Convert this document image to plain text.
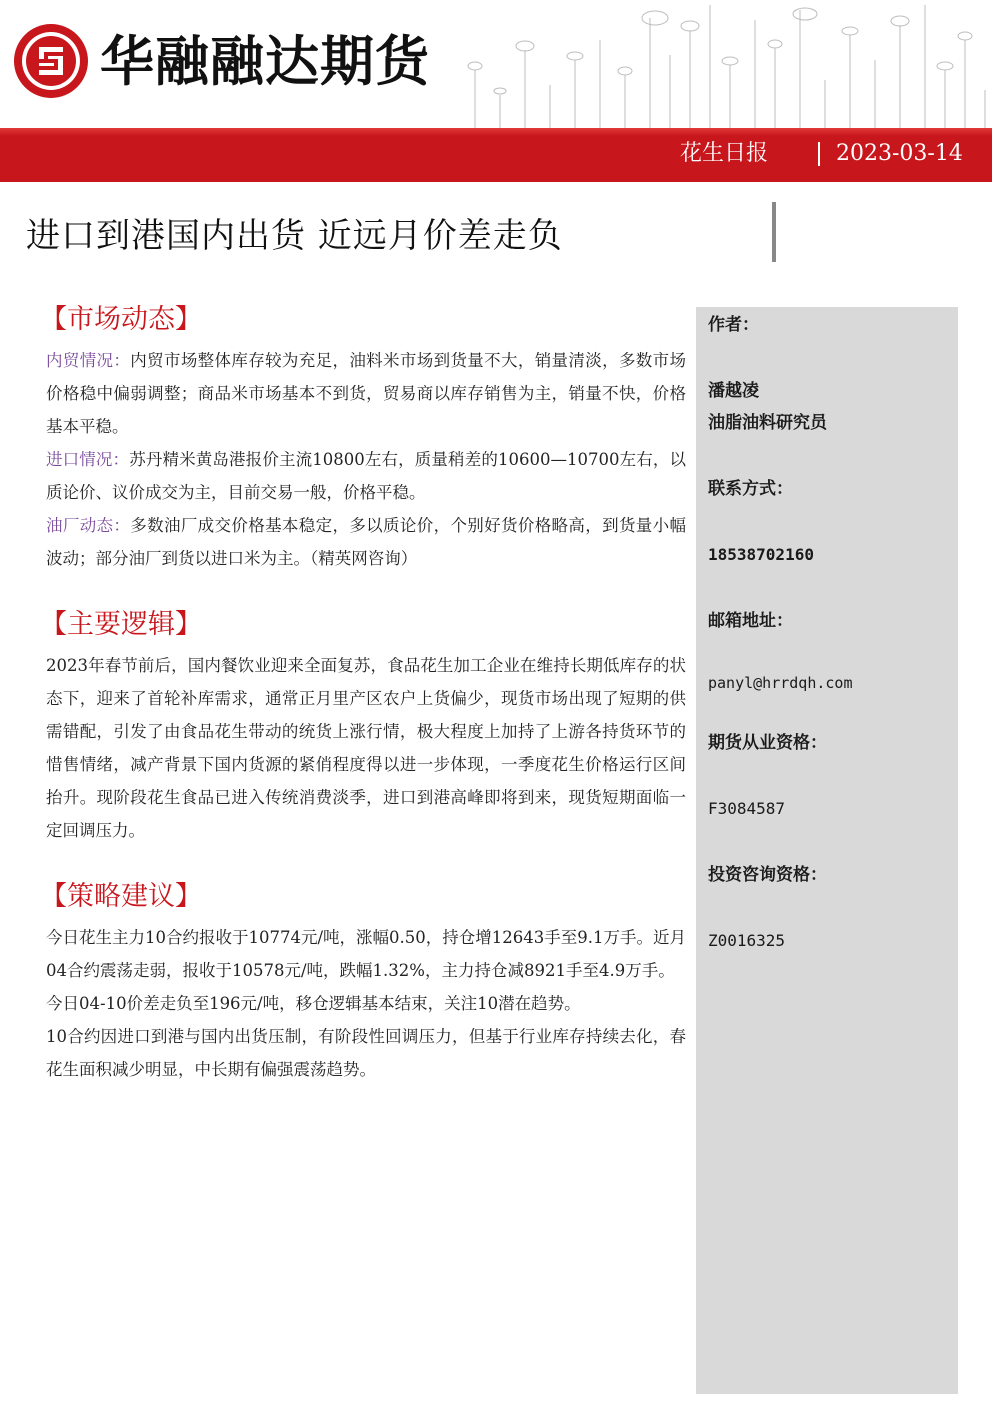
华融融达期货
花生日报	2023-03-14
进口到港国内出货 近远月价差走负
【市场动态】

内贸情况：内贸市场整体库存较为充足，油料米市场到货量不大，销量清淡，多数市场价格稳中偏弱调整；商品米市场基本不到货，贸易商以库存销售为主，销量不快，价格基本平稳。

进口情况：苏丹精米黄岛港报价主流10800左右，质量稍差的10600—10700左右，以质论价、议价成交为主，目前交易一般，价格平稳。

油厂动态：多数油厂成交价格基本稳定，多以质论价，个别好货价格略高，到货量小幅波动；部分油厂到货以进口米为主。（精英网咨询）

【主要逻辑】

2023年春节前后，国内餐饮业迎来全面复苏，食品花生加工企业在维持长期低库存的状态下，迎来了首轮补库需求，通常正月里产区农户上货偏少，现货市场出现了短期的供需错配，引发了由食品花生带动的统货上涨行情，极大程度上加持了上游各持货环节的惜售情绪，减产背景下国内货源的紧俏程度得以进一步体现，一季度花生价格运行区间抬升。现阶段花生食品已进入传统消费淡季，进口到港高峰即将到来，现货短期面临一定回调压力。

【策略建议】

今日花生主力10合约报收于10774元/吨，涨幅0.50，持仓增12643手至9.1万手。近月04合约震荡走弱，报收于10578元/吨，跌幅1.32%，主力持仓减8921手至4.9万手。

今日04-10价差走负至196元/吨，移仓逻辑基本结束，关注10潜在趋势。

10合约因进口到港与国内出货压制，有阶段性回调压力，但基于行业库存持续去化，春花生面积减少明显，中长期有偏强震荡趋势。

作者：
潘越凌
油脂油料研究员
联系方式：
18538702160
邮箱地址：
panyl@hrrdqh.com
期货从业资格：
F3084587
投资咨询资格：
Z0016325
